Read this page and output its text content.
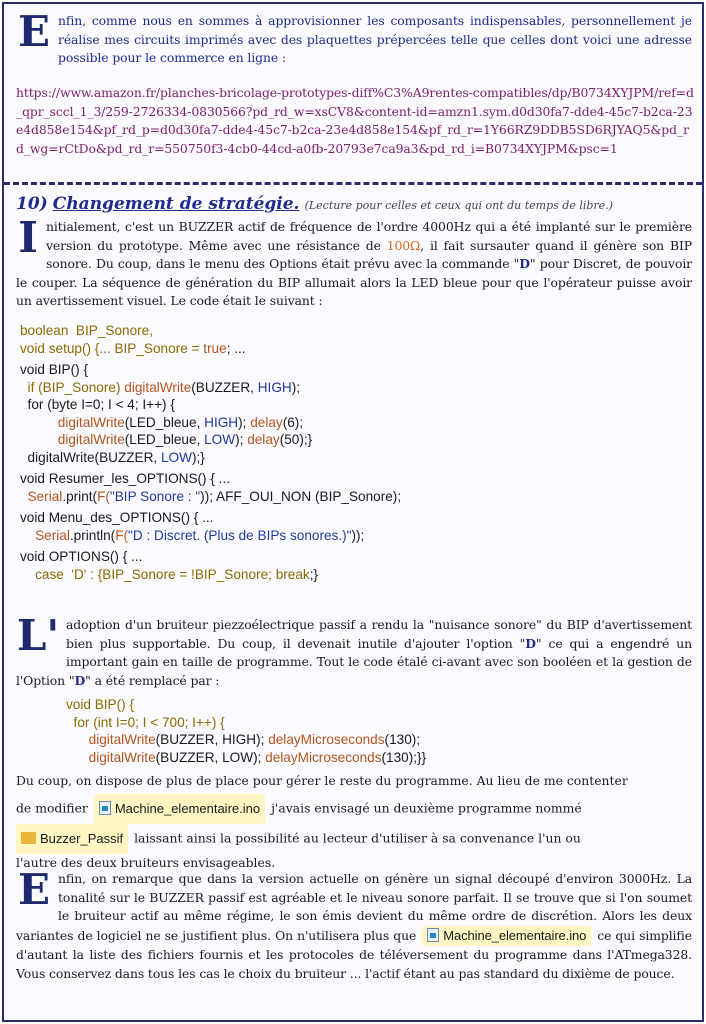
Enfin, comme nous en sommes à approvisionner les composants indispensables, personnellement je réalise mes circuits imprimés avec des plaquettes prépercées telle que celles dont voici une adresse possible pour le commerce en ligne :

https://www.amazon.fr/planches-bricolage-prototypes-diff%C3%A9rentes-compatibles/dp/B0734XYJPM/ref=d_qpr_sccl_1_3/259-2726334-0830566?pd_rd_w=xsCV8&content-id=amzn1.sym.d0d30fa7-dde4-45c7-b2ca-23e4d858e154&pf_rd_p=d0d30fa7-dde4-45c7-b2ca-23e4d858e154&pf_rd_r=1Y66RZ9DDB5SD6RJYAQ5&pd_rd_wg=rCtDo&pd_rd_r=550750f3-4cb0-44cd-a0fb-20793e7ca9a3&pd_rd_i=B0734XYJPM&psc=1

10) Changement de stratégie. (Lecture pour celles et ceux qui ont du temps de libre.)

Initialement, c'est un BUZZER actif de fréquence de l'ordre 4000Hz qui a été implanté sur le première version du prototype. Même avec une résistance de 100Ω, il fait sursauter quand il génère son BIP sonore. Du coup, dans le menu des Options était prévu avec la commande "D" pour Discret, de pouvoir le couper. La séquence de génération du BIP allumait alors la LED bleue pour que l'opérateur puisse avoir un avertissement visuel. Le code était le suivant :

boolean  BIP_Sonore,
void setup() {... BIP_Sonore = true; ...

void BIP() {
if (BIP_Sonore) digitalWrite(BUZZER, HIGH);
for (byte I=0; I < 4; I++) {
digitalWrite(LED_bleue, HIGH); delay(6);
digitalWrite(LED_bleue, LOW); delay(50);}
digitalWrite(BUZZER, LOW);}

void Resumer_les_OPTIONS() { ...
Serial.print(F("BIP Sonore : ")); AFF_OUI_NON (BIP_Sonore);

void Menu_des_OPTIONS() { ...
Serial.println(F("D : Discret. (Plus de BIPs sonores.)"));

void OPTIONS() { ...
case  'D' : {BIP_Sonore = !BIP_Sonore; break;}

L' adoption d'un bruiteur piezzoélectrique passif a rendu la "nuisance sonore" du BIP d'avertissement bien plus supportable. Du coup, il devenait inutile d'ajouter l'option "D" ce qui a engendré un important gain en taille de programme. Tout le code étalé ci-avant avec son booléen et la gestion de l'Option "D" a été remplacé par :

void BIP() {
for (int I=0; I < 700; I++) {
digitalWrite(BUZZER, HIGH); delayMicroseconds(130);
digitalWrite(BUZZER, LOW); delayMicroseconds(130);}}
Du coup, on dispose de plus de place pour gérer le reste du programme. Au lieu de me contenter
de modifier Machine_elementaire.ino j'avais envisagé un deuxième programme nommé
Buzzer_Passif laissant ainsi la possibilité au lecteur d'utiliser à sa convenance l'un ou
l'autre des deux bruiteurs envisageables.

Enfin, on remarque que dans la version actuelle on génère un signal découpé d'environ 3000Hz. La tonalité sur le BUZZER passif est agréable et le niveau sonore parfait. Il se trouve que si l'on soumet le bruiteur actif au même régime, le son émis devient du même ordre de discrétion. Alors les deux variantes de logiciel ne se justifient plus. On n'utilisera plus que Machine_elementaire.ino ce qui simplifie d'autant la liste des fichiers fournis et les protocoles de téléversement du programme dans l'ATmega328. Vous conservez dans tous les cas le choix du bruiteur ... l'actif étant au pas standard du dixième de pouce.
